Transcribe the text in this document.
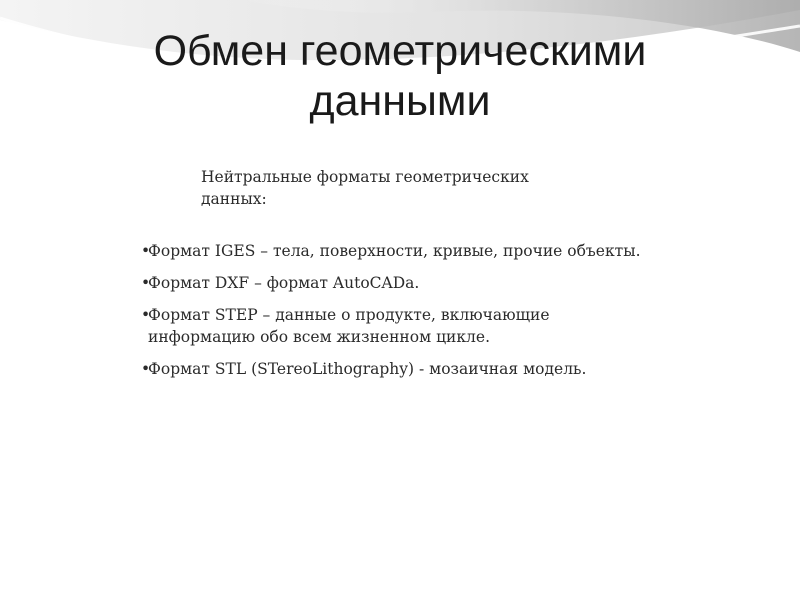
Обмен геометрическими
данными
Нейтральные форматы геометрических данных:
• Формат IGES – тела, поверхности, кривые, прочие объекты.
• Формат DXF – формат AutoCADa.
• Формат STEP – данные о продукте, включающие информацию обо всем жизненном цикле.
• Формат STL (STereoLithography) - мозаичная модель.
